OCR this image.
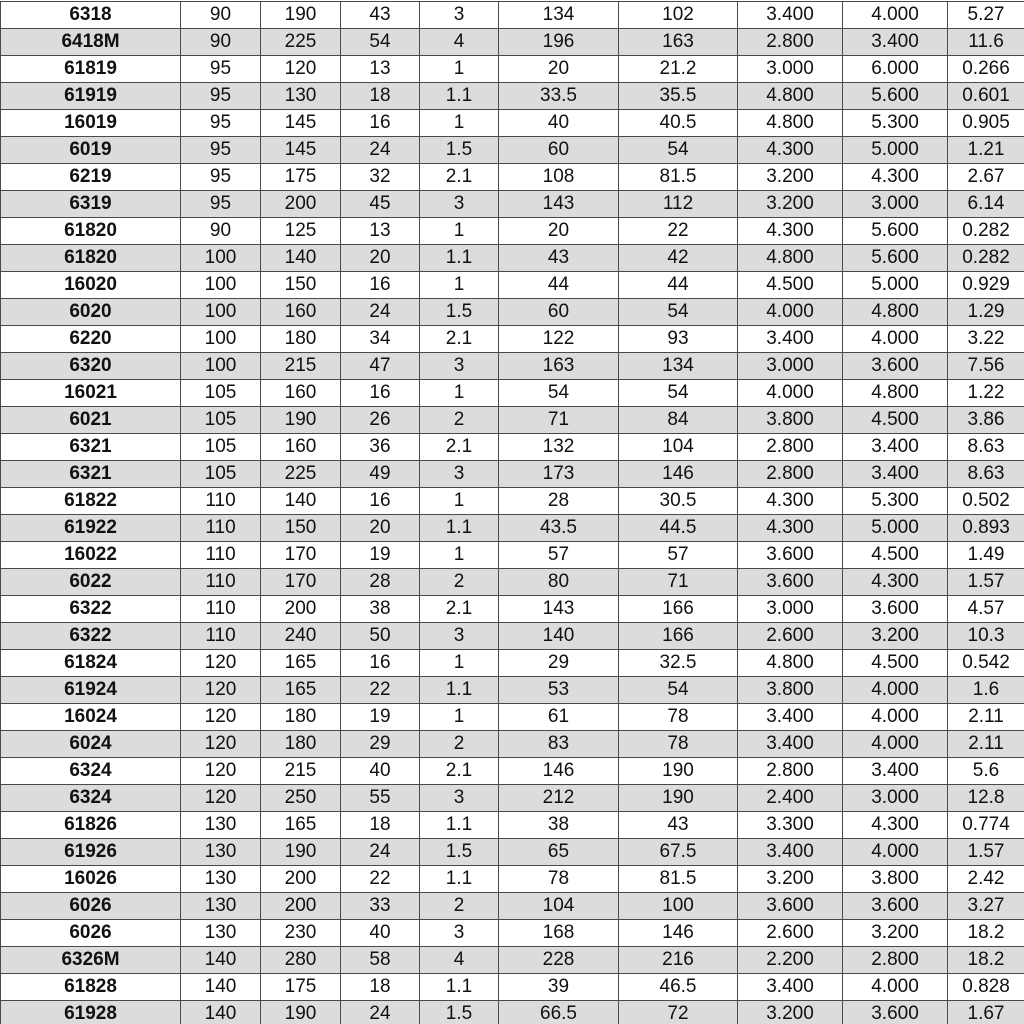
6318	90	190	43	3	134	102	3.400	4.000	5.27
6418M	90	225	54	4	196	163	2.800	3.400	11.6
61819	95	120	13	1	20	21.2	3.000	6.000	0.266
61919	95	130	18	1.1	33.5	35.5	4.800	5.600	0.601
16019	95	145	16	1	40	40.5	4.800	5.300	0.905
6019	95	145	24	1.5	60	54	4.300	5.000	1.21
6219	95	175	32	2.1	108	81.5	3.200	4.300	2.67
6319	95	200	45	3	143	112	3.200	3.000	6.14
61820	90	125	13	1	20	22	4.300	5.600	0.282
61820	100	140	20	1.1	43	42	4.800	5.600	0.282
16020	100	150	16	1	44	44	4.500	5.000	0.929
6020	100	160	24	1.5	60	54	4.000	4.800	1.29
6220	100	180	34	2.1	122	93	3.400	4.000	3.22
6320	100	215	47	3	163	134	3.000	3.600	7.56
16021	105	160	16	1	54	54	4.000	4.800	1.22
6021	105	190	26	2	71	84	3.800	4.500	3.86
6321	105	160	36	2.1	132	104	2.800	3.400	8.63
6321	105	225	49	3	173	146	2.800	3.400	8.63
61822	110	140	16	1	28	30.5	4.300	5.300	0.502
61922	110	150	20	1.1	43.5	44.5	4.300	5.000	0.893
16022	110	170	19	1	57	57	3.600	4.500	1.49
6022	110	170	28	2	80	71	3.600	4.300	1.57
6322	110	200	38	2.1	143	166	3.000	3.600	4.57
6322	110	240	50	3	140	166	2.600	3.200	10.3
61824	120	165	16	1	29	32.5	4.800	4.500	0.542
61924	120	165	22	1.1	53	54	3.800	4.000	1.6
16024	120	180	19	1	61	78	3.400	4.000	2.11
6024	120	180	29	2	83	78	3.400	4.000	2.11
6324	120	215	40	2.1	146	190	2.800	3.400	5.6
6324	120	250	55	3	212	190	2.400	3.000	12.8
61826	130	165	18	1.1	38	43	3.300	4.300	0.774
61926	130	190	24	1.5	65	67.5	3.400	4.000	1.57
16026	130	200	22	1.1	78	81.5	3.200	3.800	2.42
6026	130	200	33	2	104	100	3.600	3.600	3.27
6026	130	230	40	3	168	146	2.600	3.200	18.2
6326M	140	280	58	4	228	216	2.200	2.800	18.2
61828	140	175	18	1.1	39	46.5	3.400	4.000	0.828
61928	140	190	24	1.5	66.5	72	3.200	3.600	1.67
